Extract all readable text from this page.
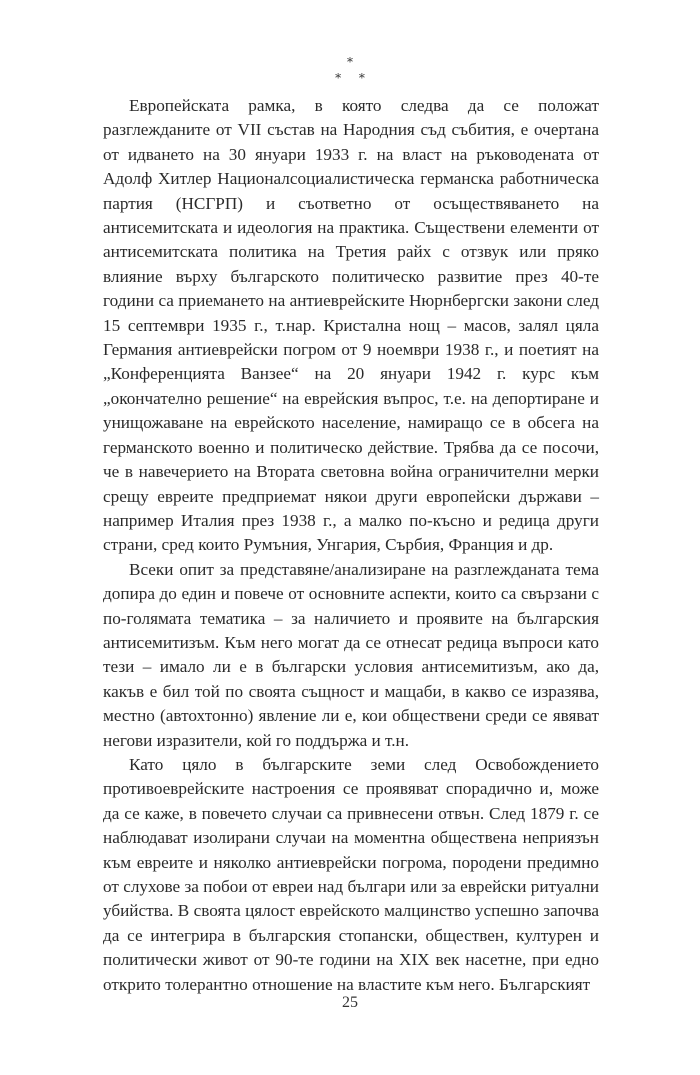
*
* *

Европейската рамка, в която следва да се положат разглежданите от VII състав на Народния съд събития, е очертана от идването на 30 януари 1933 г. на власт на ръководената от Адолф Хитлер Националсоциалистическа германска работническа партия (НСГРП) и съответно от осъществяването на антисемитската и идеология на практика. Съществени елементи от антисемитската политика на Третия райх с отзвук или пряко влияние върху българското политическо развитие през 40-те години са приемането на антиеврейските Нюрнбергски закони след 15 септември 1935 г., т.нар. Кристална нощ – масов, залял цяла Германия антиеврейски погром от 9 ноември 1938 г., и поетият на „Конференцията Ванзее“ на 20 януари 1942 г. курс към „окончателно решение“ на еврейския въпрос, т.е. на депортиране и унищожаване на еврейското население, намиращо се в обсега на германското военно и политическо действие. Трябва да се посочи, че в навечерието на Втората световна война ограничителни мерки срещу евреите предприемат някои други европейски държави – например Италия през 1938 г., а малко по-късно и редица други страни, сред които Румъния, Унгария, Сърбия, Франция и др.

Всеки опит за представяне/анализиране на разглежданата тема допира до един и повече от основните аспекти, които са свързани с по-голямата тематика – за наличието и проявите на българския антисемитизъм. Към него могат да се отнесат редица въпроси като тези – имало ли е в български условия антисемитизъм, ако да, какъв е бил той по своята същност и мащаби, в какво се изразява, местно (автохтонно) явление ли е, кои обществени среди се явяват негови изразители, кой го поддържа и т.н.

Като цяло в българските земи след Освобождението противоеврейските настроения се проявяват спорадично и, може да се каже, в повечето случаи са привнесени отвън. След 1879 г. се наблюдават изолирани случаи на моментна обществена неприязън към евреите и няколко антиеврейски погрома, породени предимно от слухове за побои от евреи над българи или за еврейски ритуални убийства. В своята цялост еврейското малцинство успешно започва да се интегрира в българския стопански, обществен, културен и политически живот от 90-те години на XIX век насетне, при едно открито толерантно отношение на властите към него. Българският

25
